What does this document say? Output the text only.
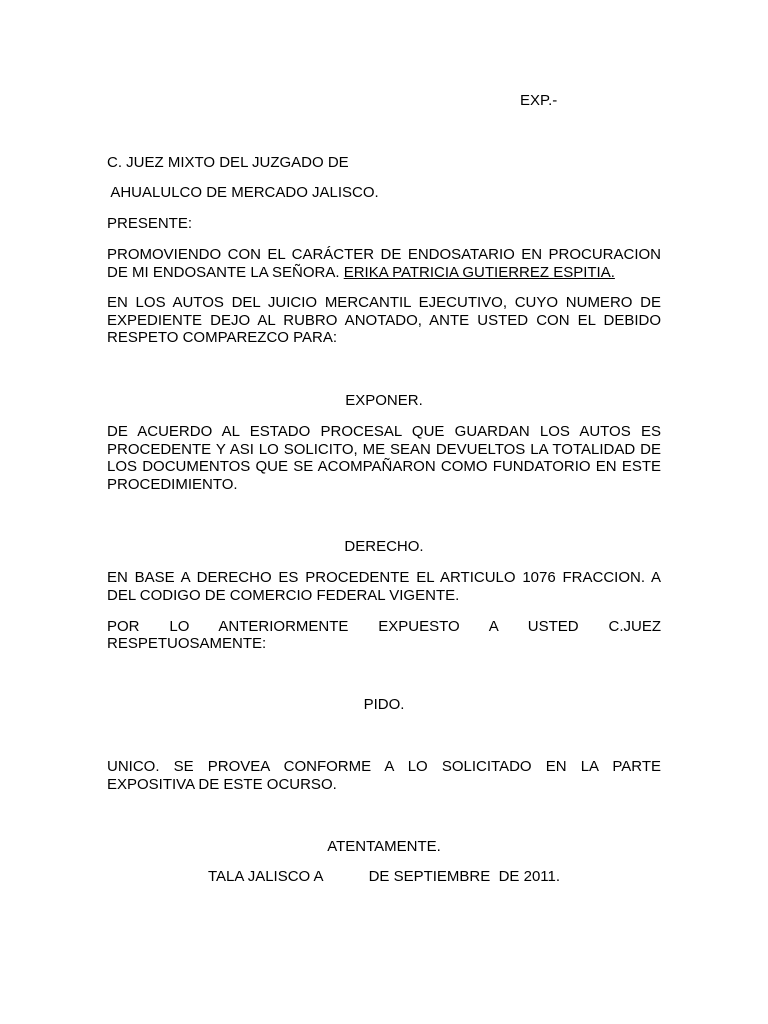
EXP.-

C. JUEZ MIXTO DEL JUZGADO DE

AHUALULCO DE MERCADO JALISCO.

PRESENTE:

PROMOVIENDO CON EL CARÁCTER DE ENDOSATARIO EN PROCURACION DE MI ENDOSANTE LA SEÑORA. ERIKA PATRICIA GUTIERREZ ESPITIA.

EN LOS AUTOS DEL JUICIO MERCANTIL EJECUTIVO, CUYO NUMERO DE EXPEDIENTE DEJO AL RUBRO ANOTADO, ANTE USTED CON EL DEBIDO RESPETO COMPAREZCO PARA:

EXPONER.

DE ACUERDO AL ESTADO PROCESAL QUE GUARDAN LOS AUTOS ES PROCEDENTE Y ASI LO SOLICITO, ME SEAN DEVUELTOS LA TOTALIDAD DE LOS DOCUMENTOS QUE SE ACOMPAÑARON COMO FUNDATORIO EN ESTE PROCEDIMIENTO.

DERECHO.

EN BASE A DERECHO ES PROCEDENTE EL ARTICULO 1076 FRACCION. A DEL CODIGO DE COMERCIO FEDERAL VIGENTE.

POR LO ANTERIORMENTE EXPUESTO A USTED C.JUEZ

RESPETUOSAMENTE:

PIDO.

UNICO. SE PROVEA CONFORME A LO SOLICITADO EN LA PARTE EXPOSITIVA DE ESTE OCURSO.

ATENTAMENTE.

TALA JALISCO A           DE SEPTIEMBRE  DE 2011.
